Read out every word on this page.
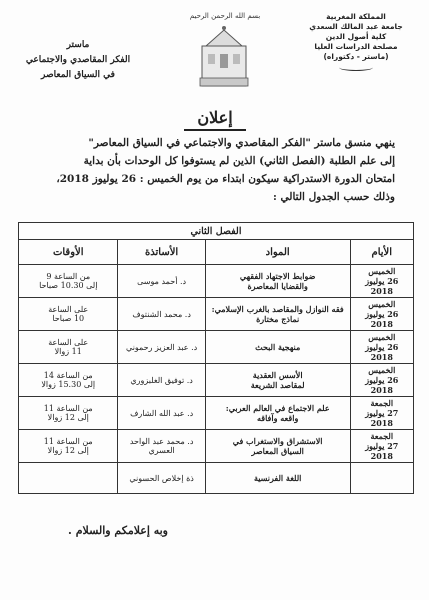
المملكة المغربية
جامعة عبد المالك السعدي
كلية أصول الدين
مصلحة الدراسات العليا
(ماستر - دكتوراه)
بسم الله الرحمن الرحيم
ماستر
الفكر المقاصدي والاجتماعي
في السياق المعاصر
إعلان

ينهي منسق ماستر "الفكر المقاصدي والاجتماعي في السياق المعاصر"

إلى علم الطلبة (الفصل الثاني) الذين لم يستوفوا كل الوحدات بأن بداية

امتحان الدورة الاستدراكية سيكون ابتداء من يوم الخميس : 26 يوليوز 2018،

وذلك حسب الجدول التالي :

الفصل الثاني			
الأيام	المواد	الأساتذة	الأوقات

الخميس
26 يوليوز 2018	ضوابط الاجتهاد الفقهي
والقضايا المعاصرة	د. أحمد موسى	من الساعة 9
إلى 10.30 صباحا

الخميس
26 يوليوز 2018	فقه النوازل والمقاصد بالغرب الإسلامي:
نماذج مختارة	د. محمد الشنتوف	على الساعة
10 صباحا

الخميس
26 يوليوز 2018	منهجية البحث	د. عبد العزيز رحموني	على الساعة
11 زوالا

الخميس
26 يوليوز 2018	الأسس العقدية
لمقاصد الشريعة	د. توفيق الغلبزوري	من الساعة 14
إلى 15.30 زوالا

الجمعة
27 يوليوز 2018	علم الاجتماع في العالم العربي:
واقعه وآفاقه	د. عبد الله الشارف	من الساعة 11
إلى 12 زوالا

الجمعة
27 يوليوز 2018	الاستشراق والاستغراب في
السياق المعاصر	د. محمد عبد الواحد العسري	من الساعة 11
إلى 12 زوالا

	اللغة الفرنسية	ذة إخلاص الحسوني	
وبه إعلامكم والسلام .
